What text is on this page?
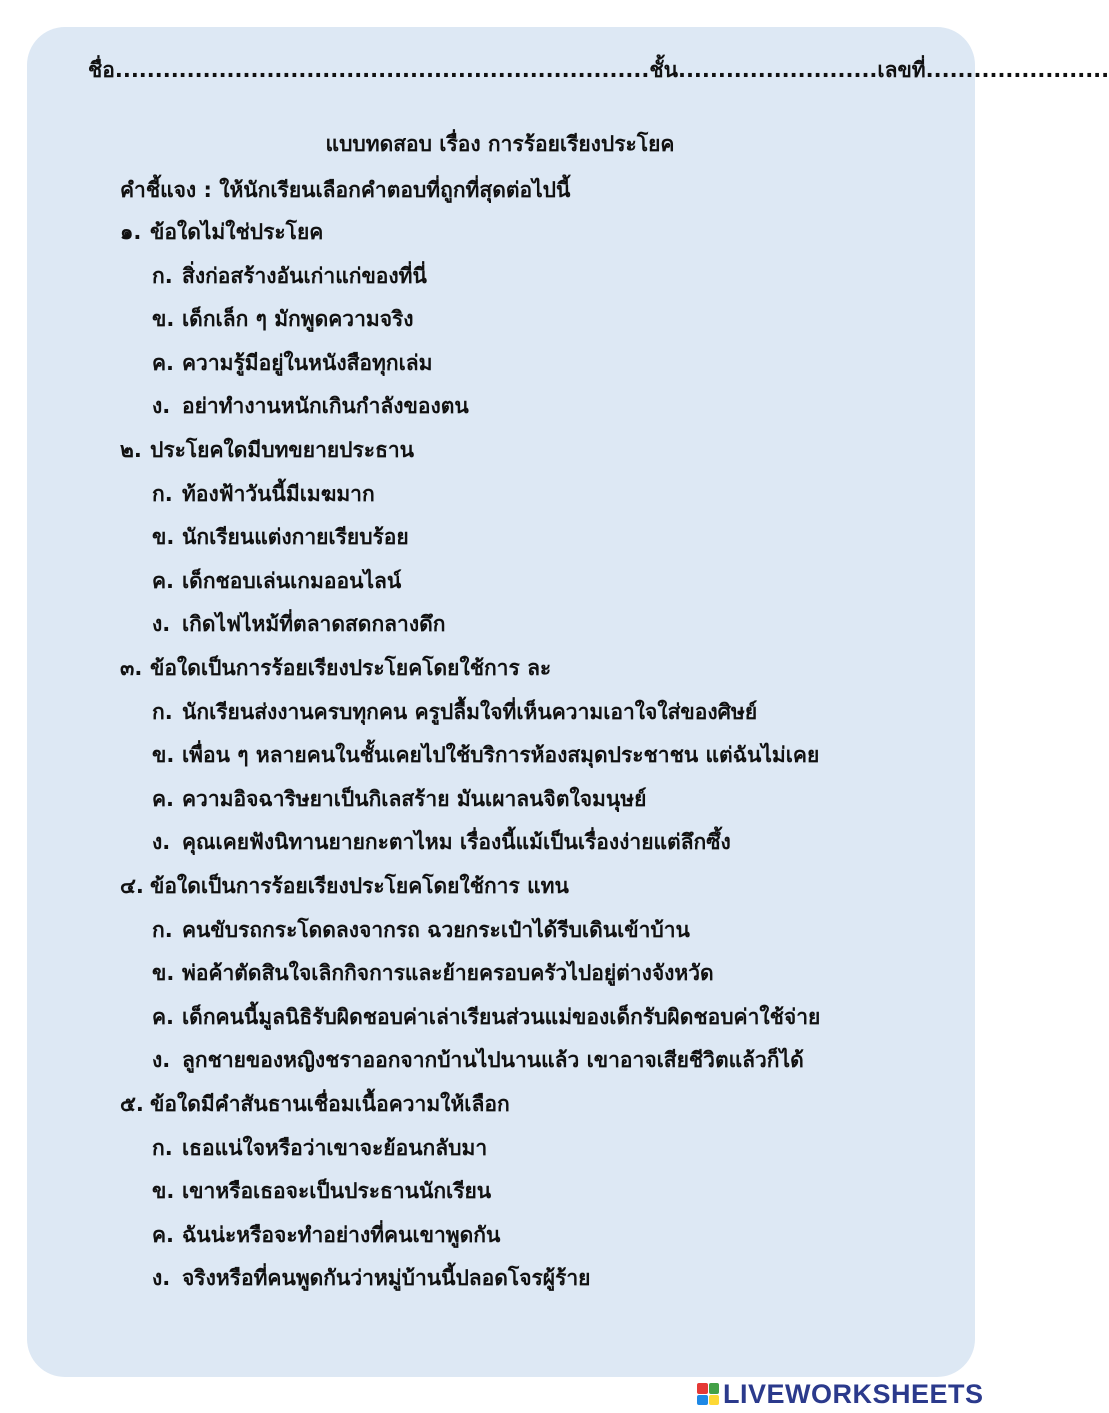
ชื่อ...................................................................ชั้น.........................เลขที่.......................
แบบทดสอบ เรื่อง การร้อยเรียงประโยค
คำชี้แจง : ให้นักเรียนเลือกคำตอบที่ถูกที่สุดต่อไปนี้
๑. ข้อใดไม่ใช่ประโยค
ก. สิ่งก่อสร้างอันเก่าแก่ของที่นี่
ข. เด็กเล็ก ๆ มักพูดความจริง
ค. ความรู้มีอยู่ในหนังสือทุกเล่ม
ง. อย่าทำงานหนักเกินกำลังของตน
๒. ประโยคใดมีบทขยายประธาน
ก. ท้องฟ้าวันนี้มีเมฆมาก
ข. นักเรียนแต่งกายเรียบร้อย
ค. เด็กชอบเล่นเกมออนไลน์
ง. เกิดไฟไหม้ที่ตลาดสดกลางดึก
๓. ข้อใดเป็นการร้อยเรียงประโยคโดยใช้การ ละ
ก. นักเรียนส่งงานครบทุกคน ครูปลื้มใจที่เห็นความเอาใจใส่ของศิษย์
ข. เพื่อน ๆ หลายคนในชั้นเคยไปใช้บริการห้องสมุดประชาชน แต่ฉันไม่เคย
ค. ความอิจฉาริษยาเป็นกิเลสร้าย มันเผาลนจิตใจมนุษย์
ง. คุณเคยฟังนิทานยายกะตาไหม เรื่องนี้แม้เป็นเรื่องง่ายแต่ลึกซึ้ง
๔. ข้อใดเป็นการร้อยเรียงประโยคโดยใช้การ แทน
ก. คนขับรถกระโดดลงจากรถ ฉวยกระเป๋าได้รีบเดินเข้าบ้าน
ข. พ่อค้าตัดสินใจเลิกกิจการและย้ายครอบครัวไปอยู่ต่างจังหวัด
ค. เด็กคนนี้มูลนิธิรับผิดชอบค่าเล่าเรียนส่วนแม่ของเด็กรับผิดชอบค่าใช้จ่าย
ง. ลูกชายของหญิงชราออกจากบ้านไปนานแล้ว เขาอาจเสียชีวิตแล้วก็ได้
๕. ข้อใดมีคำสันธานเชื่อมเนื้อความให้เลือก
ก. เธอแน่ใจหรือว่าเขาจะย้อนกลับมา
ข. เขาหรือเธอจะเป็นประธานนักเรียน
ค. ฉันน่ะหรือจะทำอย่างที่คนเขาพูดกัน
ง. จริงหรือที่คนพูดกันว่าหมู่บ้านนี้ปลอดโจรผู้ร้าย
LIVEWORKSHEETS
